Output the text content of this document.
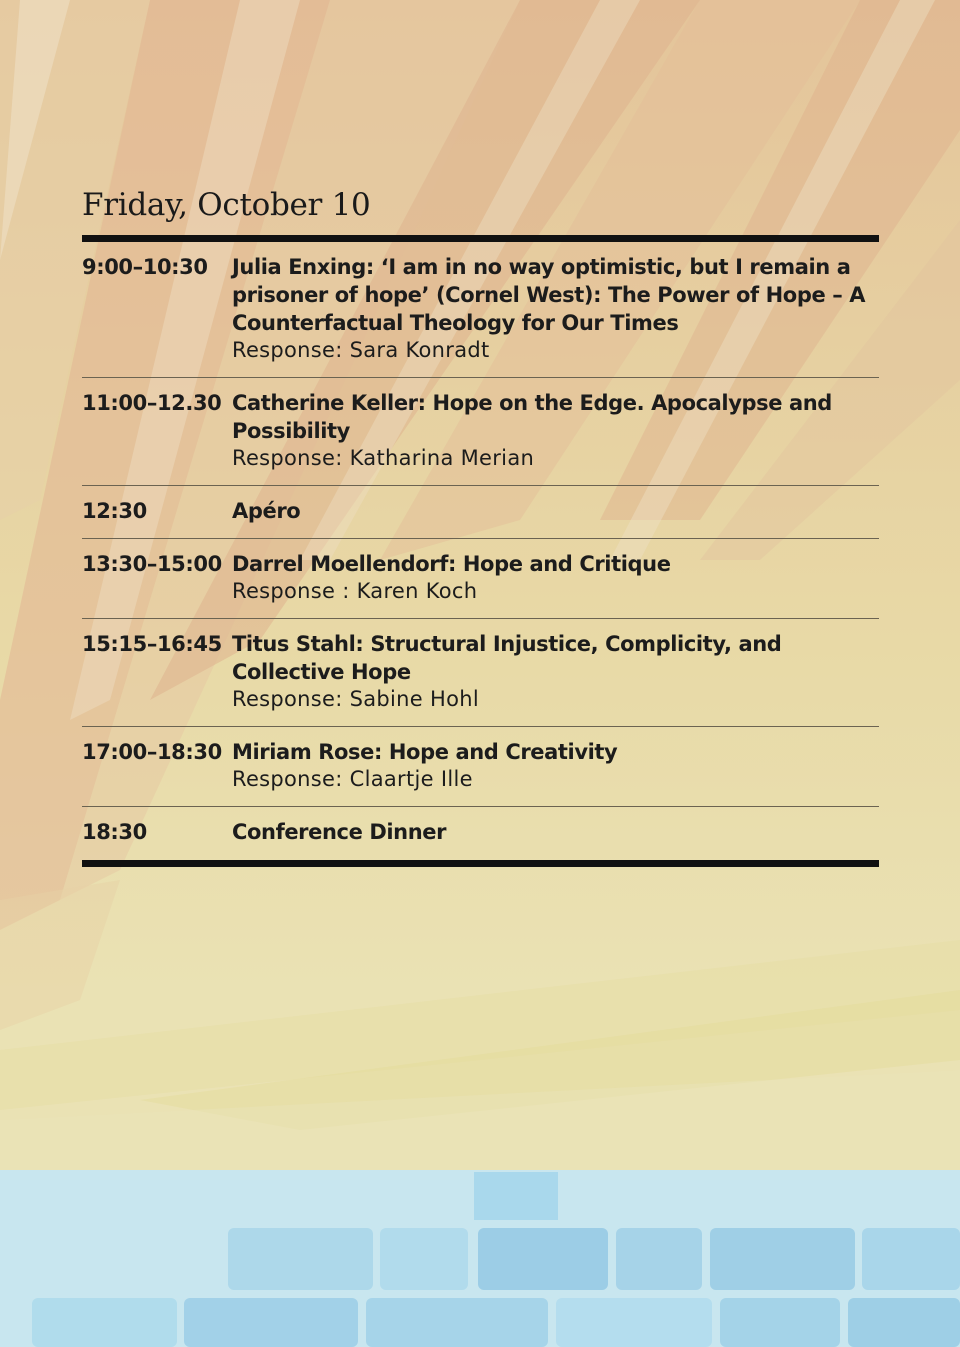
Friday, October 10
9:00–10:30	Julia Enxing: ‘I am in no way optimistic, but I remain a prisoner of hope’ (Cornel West): The Power of Hope – A Counterfactual Theology for Our Times
Response: Sara Konradt
11:00–12.30 Catherine Keller: Hope on the Edge. Apocalypse and Possibility
Response: Katharina Merian
12:30	Apéro
13:30–15:00 Darrel Moellendorf: Hope and Critique
Response : Karen Koch
15:15–16:45 Titus Stahl: Structural Injustice, Complicity, and Collective Hope
Response: Sabine Hohl
17:00–18:30 Miriam Rose: Hope and Creativity
Response: Claartje Ille
18:30	Conference Dinner
